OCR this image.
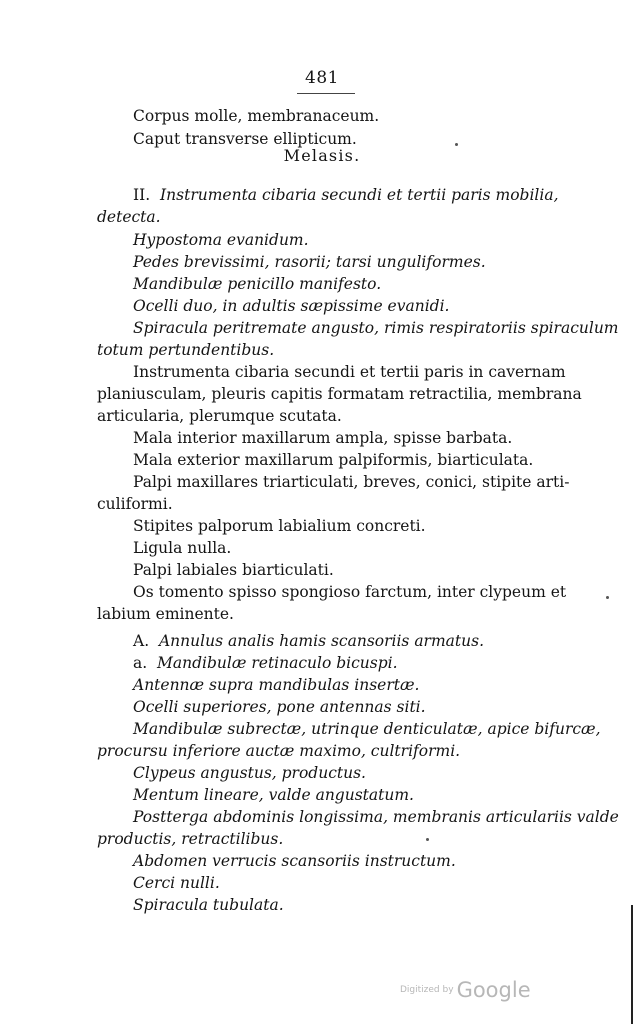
481
Corpus molle, membranaceum.
Caput transverse ellipticum.
Melasis.
II. Instrumenta cibaria secundi et tertii paris mobilia,
detecta.
Hypostoma evanidum.
Pedes brevissimi, rasorii; tarsi unguliformes.
Mandibulæ penicillo manifesto.
Ocelli duo, in adultis sæpissime evanidi.
Spiracula peritremate angusto, rimis respiratoriis spiraculum
totum pertundentibus.
Instrumenta cibaria secundi et tertii paris in cavernam
planiusculam, pleuris capitis formatam retractilia, membrana
articularia, plerumque scutata.
Mala interior maxillarum ampla, spisse barbata.
Mala exterior maxillarum palpiformis, biarticulata.
Palpi maxillares triarticulati, breves, conici, stipite arti-
culiformi.
Stipites palporum labialium concreti.
Ligula nulla.
Palpi labiales biarticulati.
Os tomento spisso spongioso farctum, inter clypeum et
labium eminente.
A. Annulus analis hamis scansoriis armatus.
a. Mandibulæ retinaculo bicuspi.
Antennæ supra mandibulas insertæ.
Ocelli superiores, pone antennas siti.
Mandibulæ subrectæ, utrinque denticulatæ, apice bifurcæ,
procursu inferiore auctæ maximo, cultriformi.
Clypeus angustus, productus.
Mentum lineare, valde angustatum.
Postterga abdominis longissima, membranis articulariis valde
productis, retractilibus.
Abdomen verrucis scansoriis instructum.
Cerci nulli.
Spiracula tubulata.
Digitized by Google
